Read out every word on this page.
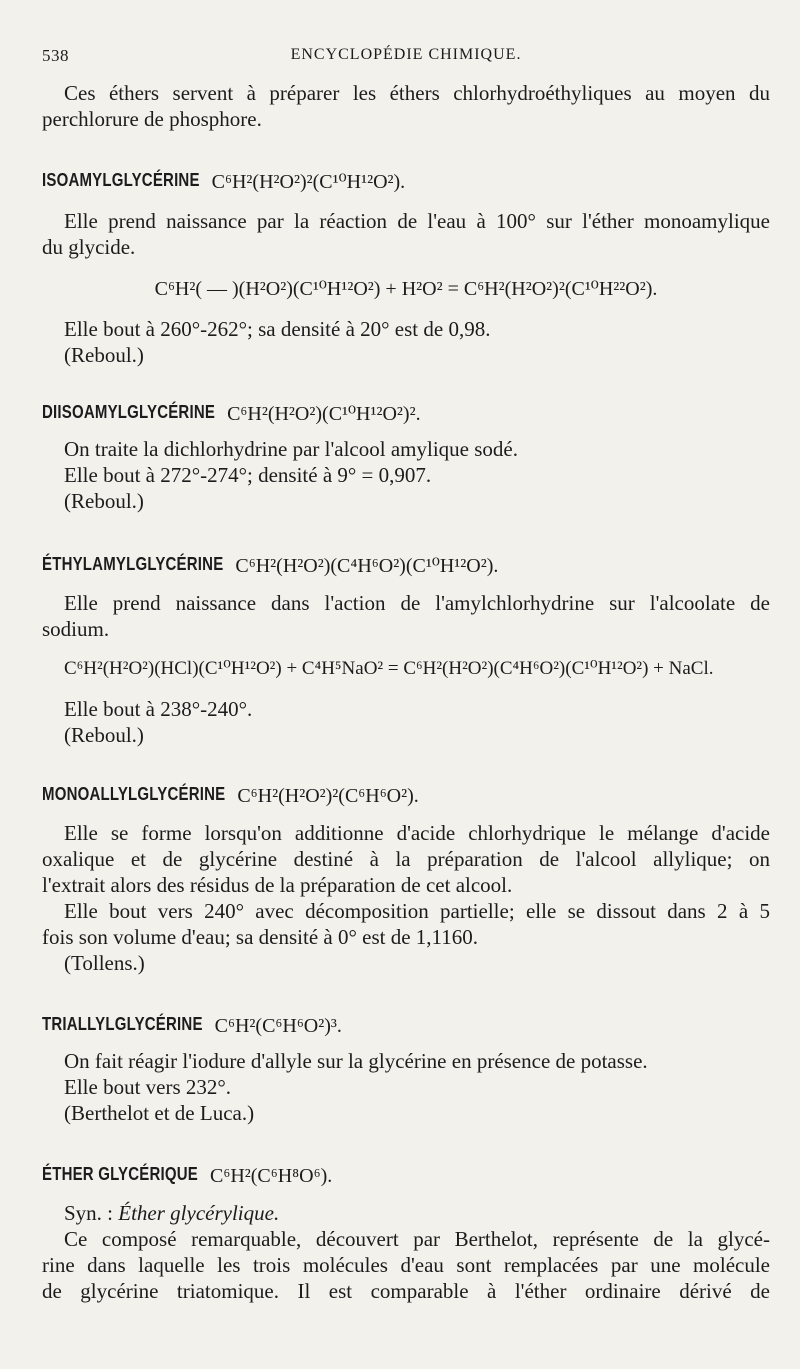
538	ENCYCLOPÉDIE CHIMIQUE.
Ces éthers servent à préparer les éthers chlorhydroéthyliques au moyen du
perchlorure de phosphore.
ISOAMYLGLYCÉRINE C⁶H²(H²O²)²(C¹⁰H¹²O²).
Elle prend naissance par la réaction de l'eau à 100° sur l'éther monoamylique
du glycide.
C⁶H²( — )(H²O²)(C¹⁰H¹²O²) + H²O² = C⁶H²(H²O²)²(C¹⁰H²²O²).
Elle bout à 260°-262°; sa densité à 20° est de 0,98.
(Reboul.)
DIISOAMYLGLYCÉRINE C⁶H²(H²O²)(C¹⁰H¹²O²)².
On traite la dichlorhydrine par l'alcool amylique sodé.
Elle bout à 272°-274°; densité à 9° = 0,907.
(Reboul.)
ÉTHYLAMYLGLYCÉRINE C⁶H²(H²O²)(C⁴H⁶O²)(C¹⁰H¹²O²).
Elle prend naissance dans l'action de l'amylchlorhydrine sur l'alcoolate de
sodium.
C⁶H²(H²O²)(HCl)(C¹⁰H¹²O²) + C⁴H⁵NaO² = C⁶H²(H²O²)(C⁴H⁶O²)(C¹⁰H¹²O²) + NaCl.
Elle bout à 238°-240°.
(Reboul.)
MONOALLYLGLYCÉRINE C⁶H²(H²O²)²(C⁶H⁶O²).
Elle se forme lorsqu'on additionne d'acide chlorhydrique le mélange d'acide
oxalique et de glycérine destiné à la préparation de l'alcool allylique; on
l'extrait alors des résidus de la préparation de cet alcool.
Elle bout vers 240° avec décomposition partielle; elle se dissout dans 2 à 5
fois son volume d'eau; sa densité à 0° est de 1,1160.
(Tollens.)
TRIALLYLGLYCÉRINE C⁶H²(C⁶H⁶O²)³.
On fait réagir l'iodure d'allyle sur la glycérine en présence de potasse.
Elle bout vers 232°.
(Berthelot et de Luca.)
ÉTHER GLYCÉRIQUE C⁶H²(C⁶H⁸O⁶).
Syn. : Éther glycérylique.
Ce composé remarquable, découvert par Berthelot, représente de la glycé-
rine dans laquelle les trois molécules d'eau sont remplacées par une molécule
de glycérine triatomique. Il est comparable à l'éther ordinaire dérivé de
